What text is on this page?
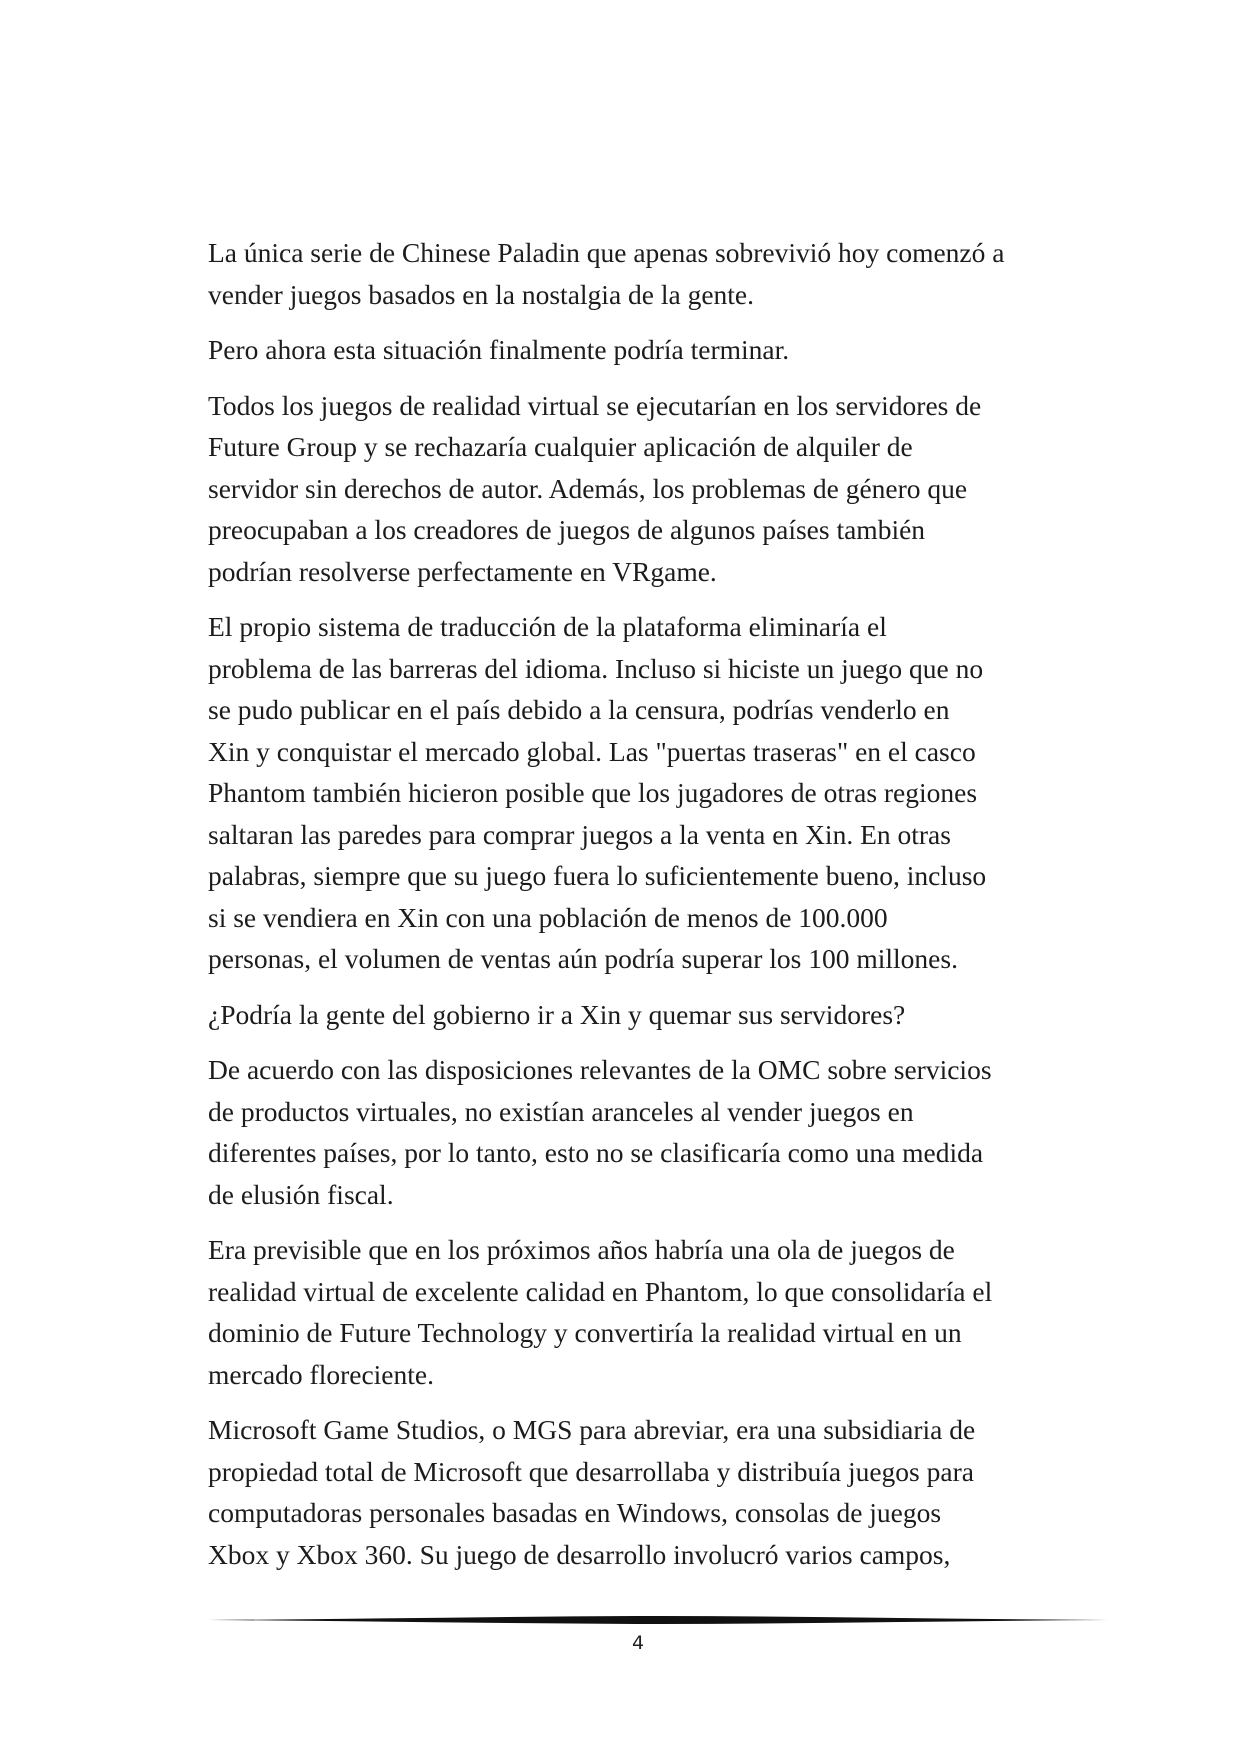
La única serie de Chinese Paladin que apenas sobrevivió hoy comenzó a
vender juegos basados en la nostalgia de la gente.

Pero ahora esta situación finalmente podría terminar.

Todos los juegos de realidad virtual se ejecutarían en los servidores de
Future Group y se rechazaría cualquier aplicación de alquiler de
servidor sin derechos de autor. Además, los problemas de género que
preocupaban a los creadores de juegos de algunos países también
podrían resolverse perfectamente en VRgame.

El propio sistema de traducción de la plataforma eliminaría el
problema de las barreras del idioma. Incluso si hiciste un juego que no
se pudo publicar en el país debido a la censura, podrías venderlo en
Xin y conquistar el mercado global. Las "puertas traseras" en el casco
Phantom también hicieron posible que los jugadores de otras regiones
saltaran las paredes para comprar juegos a la venta en Xin. En otras
palabras, siempre que su juego fuera lo suficientemente bueno, incluso
si se vendiera en Xin con una población de menos de 100.000
personas, el volumen de ventas aún podría superar los 100 millones.

¿Podría la gente del gobierno ir a Xin y quemar sus servidores?

De acuerdo con las disposiciones relevantes de la OMC sobre servicios
de productos virtuales, no existían aranceles al vender juegos en
diferentes países, por lo tanto, esto no se clasificaría como una medida
de elusión fiscal.

Era previsible que en los próximos años habría una ola de juegos de
realidad virtual de excelente calidad en Phantom, lo que consolidaría el
dominio de Future Technology y convertiría la realidad virtual en un
mercado floreciente.

Microsoft Game Studios, o MGS para abreviar, era una subsidiaria de
propiedad total de Microsoft que desarrollaba y distribuía juegos para
computadoras personales basadas en Windows, consolas de juegos
Xbox y Xbox 360. Su juego de desarrollo involucró varios campos,

4
